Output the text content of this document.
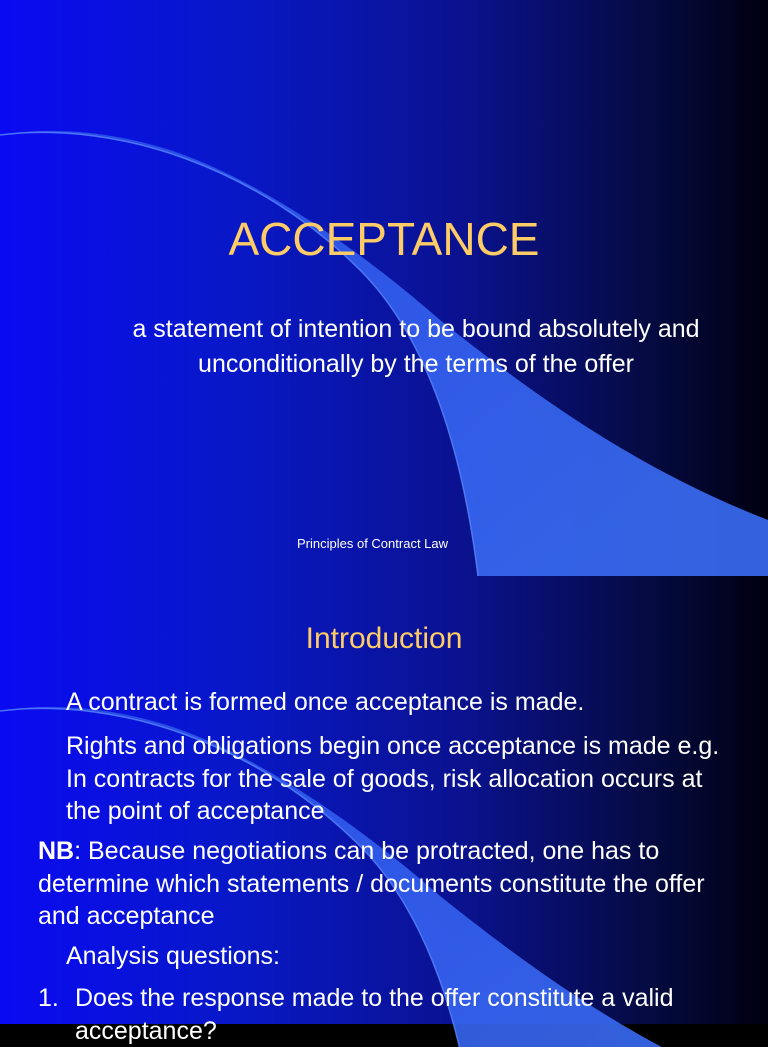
ACCEPTANCE

a statement of intention to be bound absolutely and unconditionally by the terms of the offer

Principles of Contract Law
Introduction

A contract is formed once acceptance is made.

Rights and obligations begin once acceptance is made e.g. In contracts for the sale of goods, risk allocation occurs at the point of acceptance

NB: Because negotiations can be protracted, one has to determine which statements / documents constitute the offer and acceptance

Analysis questions:

1. Does the response made to the offer constitute a valid acceptance?
